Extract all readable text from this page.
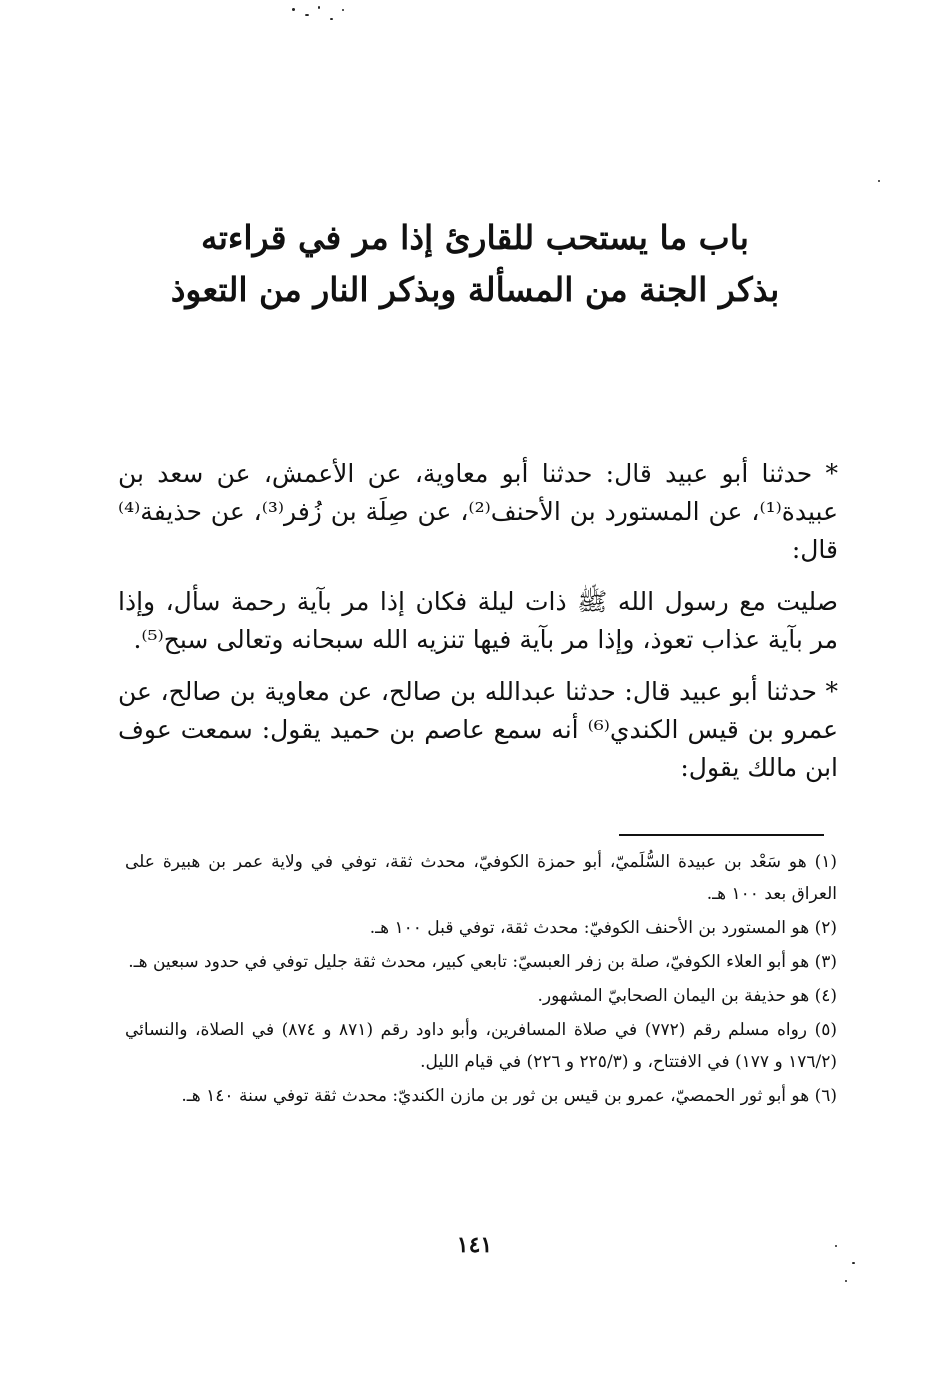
باب ما يستحب للقارئ إذا مر في قراءته
بذكر الجنة من المسألة وبذكر النار من التعوذ

* حدثنا أبو عبيد قال: حدثنا أبو معاوية، عن الأعمش، عن سعد بن عبيدة⁽¹⁾، عن المستورد بن الأحنف⁽²⁾، عن صِلَة بن زُفر⁽³⁾، عن حذيفة⁽⁴⁾ قال:

صليت مع رسول الله ﷺ ذات ليلة فكان إذا مر بآية رحمة سأل، وإذا مر بآية عذاب تعوذ، وإذا مر بآية فيها تنزيه الله سبحانه وتعالى سبح⁽⁵⁾.

* حدثنا أبو عبيد قال: حدثنا عبدالله بن صالح، عن معاوية بن صالح، عن عمرو بن قيس الكندي⁽⁶⁾ أنه سمع عاصم بن حميد يقول: سمعت عوف ابن مالك يقول:

(١) هو سَعْد بن عبيدة السُّلَميّ، أبو حمزة الكوفيّ، محدث ثقة، توفي في ولاية عمر بن هبيرة على العراق بعد ١٠٠ هـ.
(٢) هو المستورد بن الأحنف الكوفيّ: محدث ثقة، توفي قبل ١٠٠ هـ.
(٣) هو أبو العلاء الكوفيّ، صلة بن زفر العبسيّ: تابعي كبير، محدث ثقة جليل توفي في حدود سبعين هـ.
(٤) هو حذيفة بن اليمان الصحابيّ المشهور.
(٥) رواه مسلم رقم (٧٧٢) في صلاة المسافرين، وأبو داود رقم (٨٧١ و ٨٧٤) في الصلاة، والنسائي (١٧٦/٢ و ١٧٧) في الافتتاح، و (٢٢٥/٣ و ٢٢٦) في قيام الليل.
(٦) هو أبو ثور الحمصيّ، عمرو بن قيس بن ثور بن مازن الكنديّ: محدث ثقة توفي سنة ١٤٠ هـ.
١٤١
